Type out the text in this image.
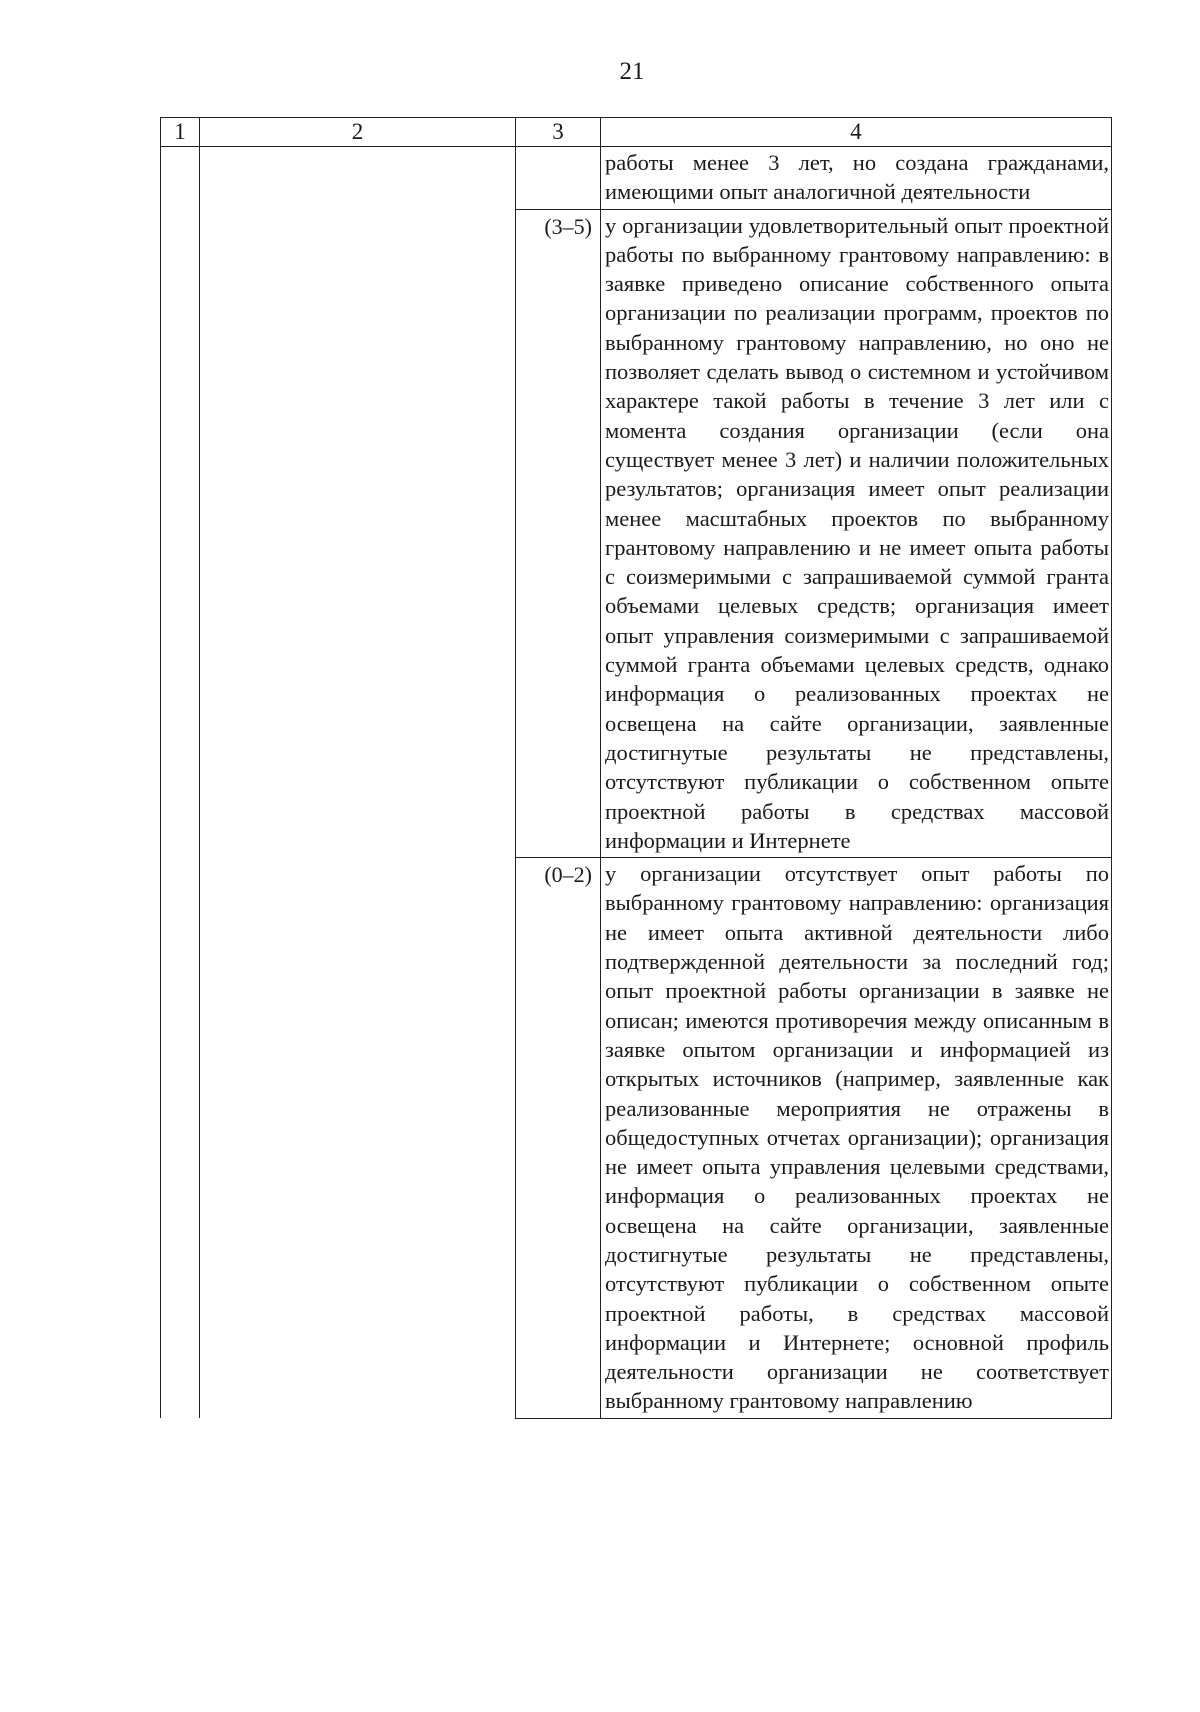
21
1	2	3	4
			работы менее 3 лет, но создана гражданами, имеющими опыт аналогичной деятельности
		(3–5)	у организации удовлетворительный опыт проектной работы по выбранному грантовому направлению: в заявке приведено описание собственного опыта организации по реализации программ, проектов по выбранному грантовому направлению, но оно не позволяет сделать вывод о системном и устойчивом характере такой работы в течение 3 лет или с момента создания организации (если она существует менее 3 лет) и наличии положительных результатов; организация имеет опыт реализации менее масштабных проектов по выбранному грантовому направлению и не имеет опыта работы с соизмеримыми с запрашиваемой суммой гранта объемами целевых средств; организация имеет опыт управления соизмеримыми с запрашиваемой суммой гранта объемами целевых средств, однако информация о реализованных проектах не освещена на сайте организации, заявленные достигнутые результаты не представлены, отсутствуют публикации о собственном опыте проектной работы в средствах массовой информации и Интернете
		(0–2)	у организации отсутствует опыт работы по выбранному грантовому направлению: организация не имеет опыта активной деятельности либо подтвержденной деятельности за последний год; опыт проектной работы организации в заявке не описан; имеются противоречия между описанным в заявке опытом организации и информацией из открытых источников (например, заявленные как реализованные мероприятия не отражены в общедоступных отчетах организации); организация не имеет опыта управления целевыми средствами, информация о реализованных проектах не освещена на сайте организации, заявленные достигнутые результаты не представлены, отсутствуют публикации о собственном опыте проектной работы, в средствах массовой информации и Интернете; основной профиль деятельности организации не соответствует выбранному грантовому направлению
